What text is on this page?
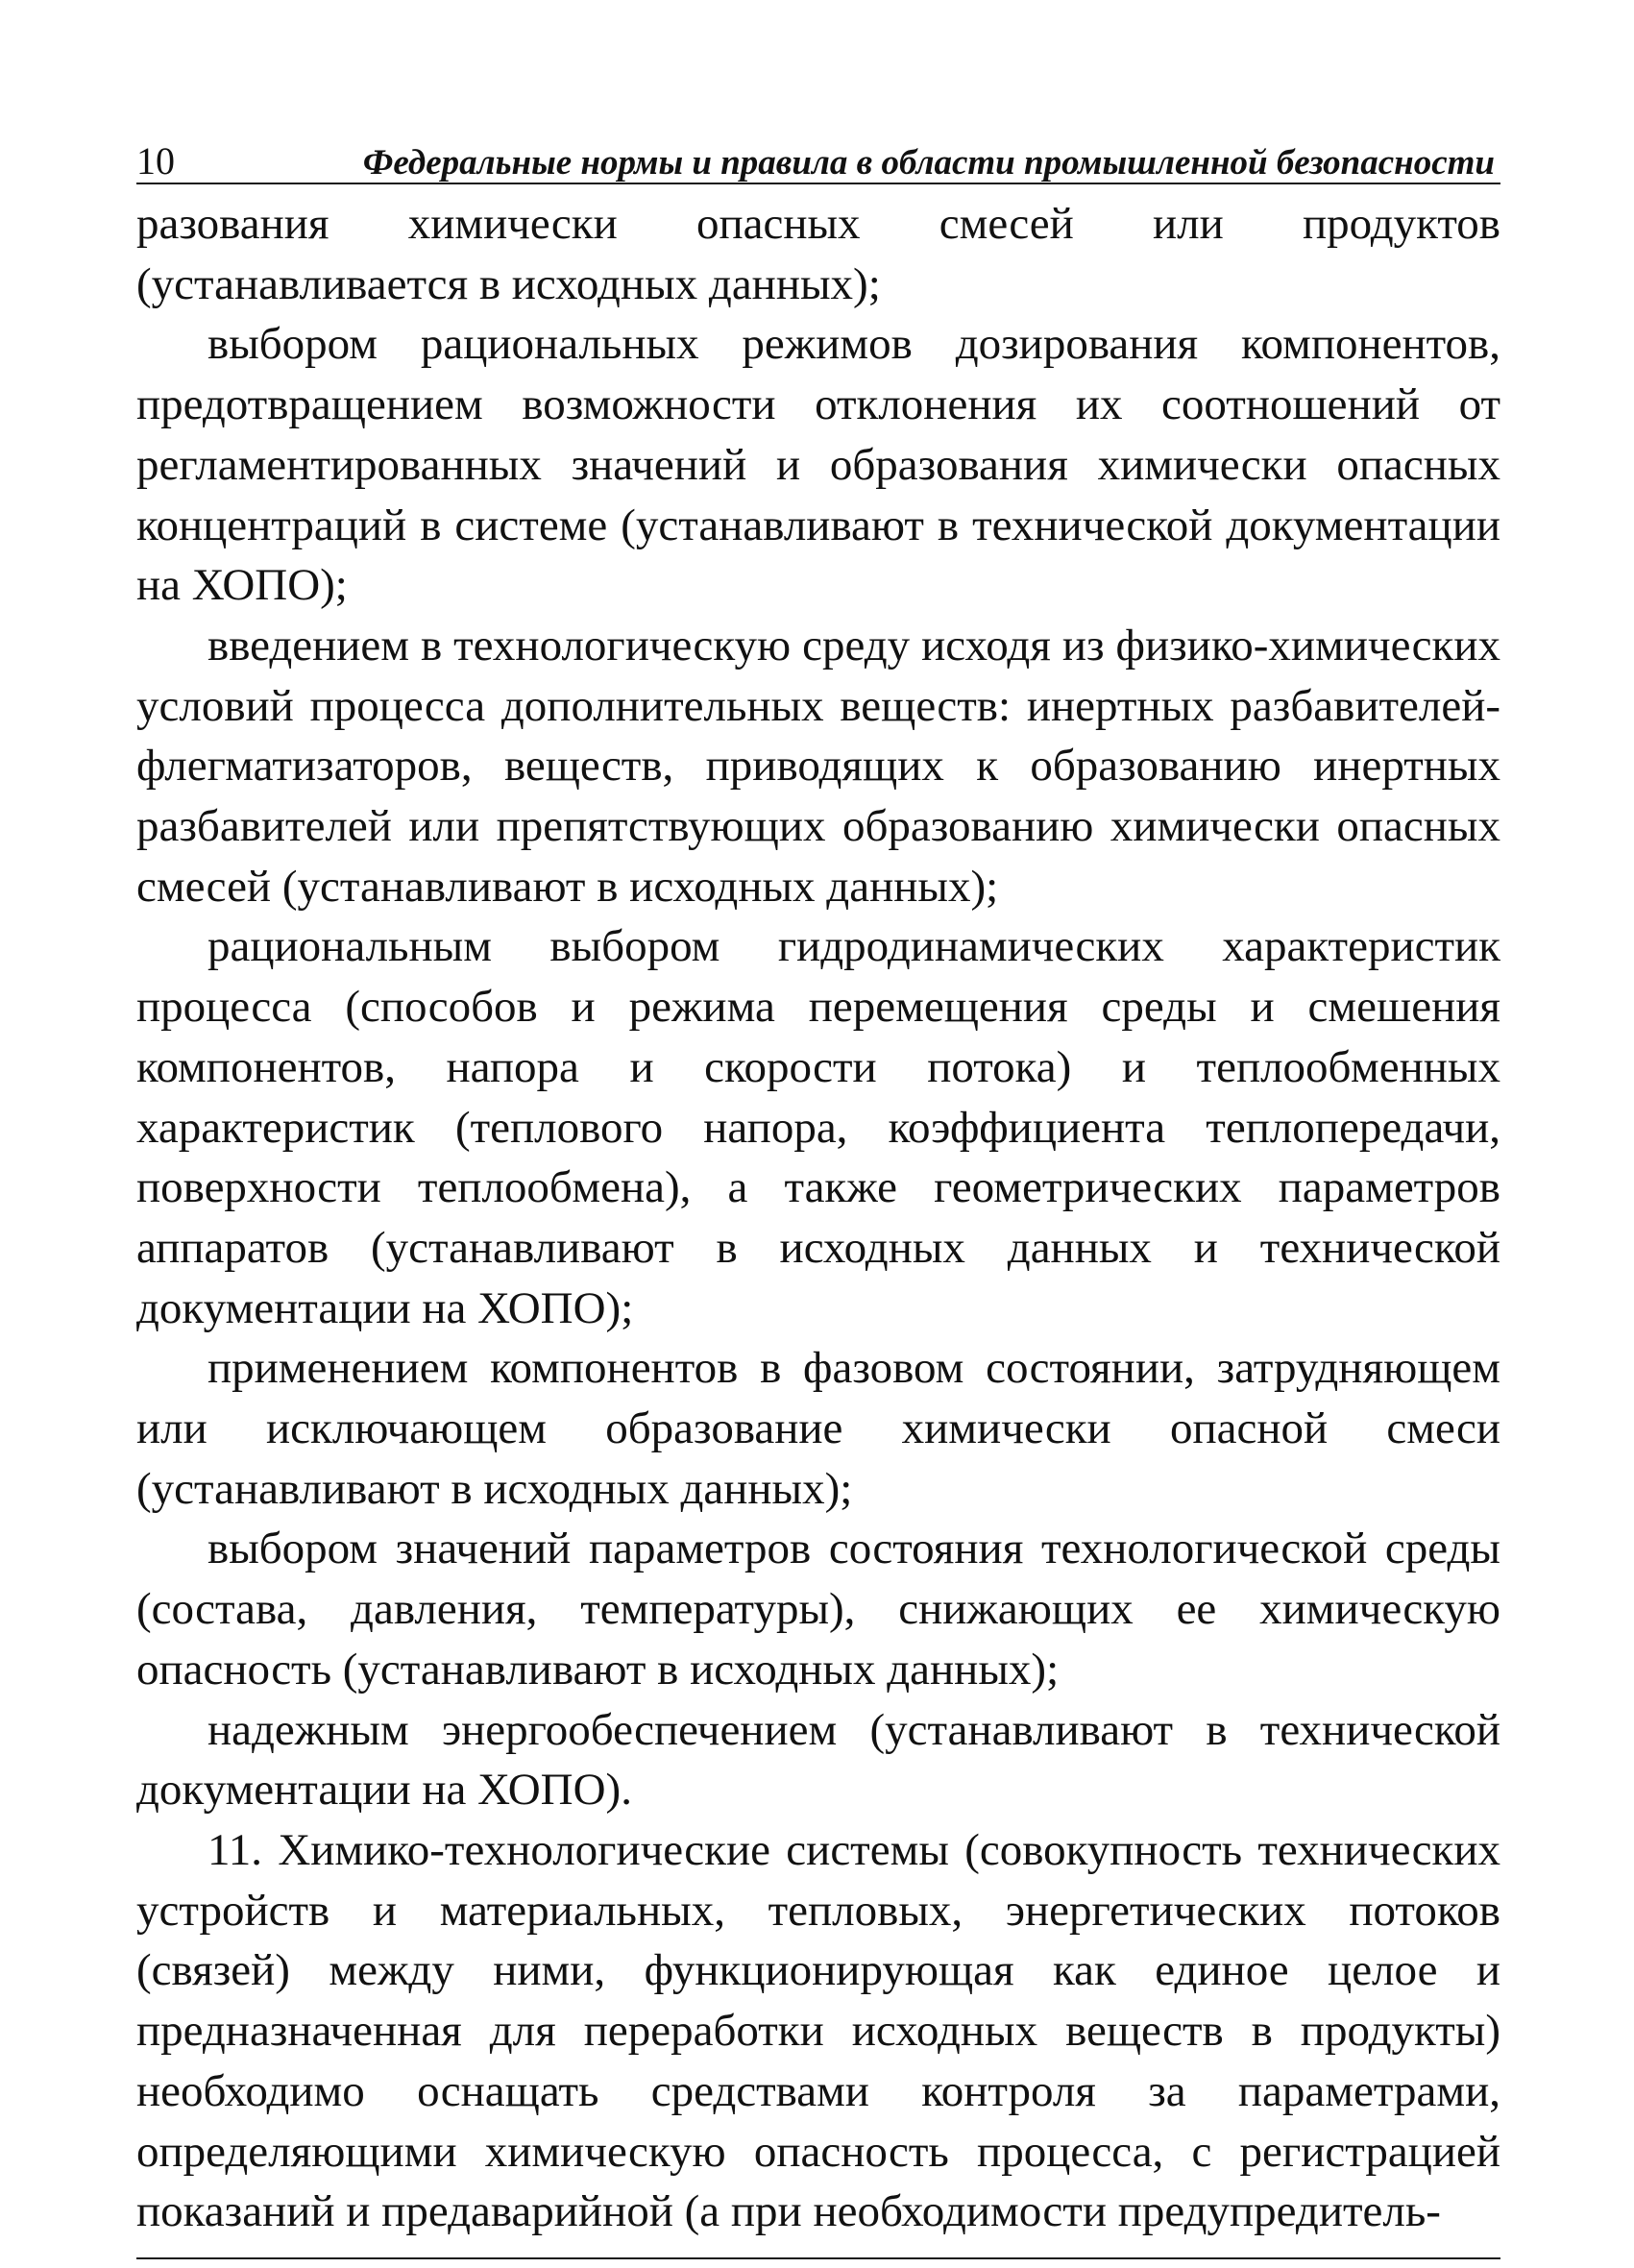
10	Федеральные нормы и правила в области промышленной безопасности

разования химически опасных смесей или продуктов (устанавливается в исходных данных);

выбором рациональных режимов дозирования компонентов, предотвращением возможности отклонения их соотношений от регламентированных значений и образования химически опасных концентраций в системе (устанавливают в технической документации на ХОПО);

введением в технологическую среду исходя из физико-химических условий процесса дополнительных веществ: инертных разбавителей-флегматизаторов, веществ, приводящих к образованию инертных разбавителей или препятствующих образованию химически опасных смесей (устанавливают в исходных данных);

рациональным выбором гидродинамических характеристик процесса (способов и режима перемещения среды и смешения компонентов, напора и скорости потока) и теплообменных характеристик (теплового напора, коэффициента теплопередачи, поверхности теплообмена), а также геометрических параметров аппаратов (устанавливают в исходных данных и технической документации на ХОПО);

применением компонентов в фазовом состоянии, затрудняющем или исключающем образование химически опасной смеси (устанавливают в исходных данных);

выбором значений параметров состояния технологической среды (состава, давления, температуры), снижающих ее химическую опасность (устанавливают в исходных данных);

надежным энергообеспечением (устанавливают в технической документации на ХОПО).

11. Химико-технологические системы (совокупность технических устройств и материальных, тепловых, энергетических потоков (связей) между ними, функционирующая как единое целое и предназначенная для переработки исходных веществ в продукты) необходимо оснащать средствами контроля за параметрами, определяющими химическую опасность процесса, с регистрацией показаний и предаварийной (а при необходимости предупредитель-
